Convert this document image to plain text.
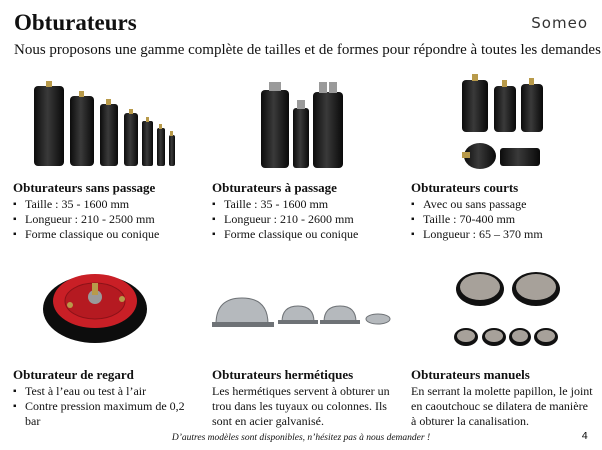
Obturateurs	Someo
Nous proposons une gamme complète de tailles et de formes pour répondre à toutes les demandes
Obturateurs sans passage
▪ Taille : 35 - 1600 mm
▪ Longueur : 210 - 2500 mm
▪ Forme classique ou conique
Obturateurs à passage
▪ Taille : 35 - 1600 mm
▪ Longueur : 210 - 2600 mm
▪ Forme classique ou conique
Obturateurs courts
▪ Avec ou sans passage
▪ Taille : 70-400 mm
▪ Longueur : 65 – 370 mm
Obturateur de regard
▪ Test à l’eau ou test à l’air
▪ Contre pression maximum de 0,2 bar
Obturateurs hermétiques

Les hermétiques servent à obturer un trou dans les tuyaux ou colonnes. Ils sont en acier galvanisé.

Obturateurs manuels

En serrant la molette papillon, le joint en caoutchouc se dilatera de manière à obturer la canalisation.

D’autres modèles sont disponibles, n’hésitez pas à nous demander !	4
